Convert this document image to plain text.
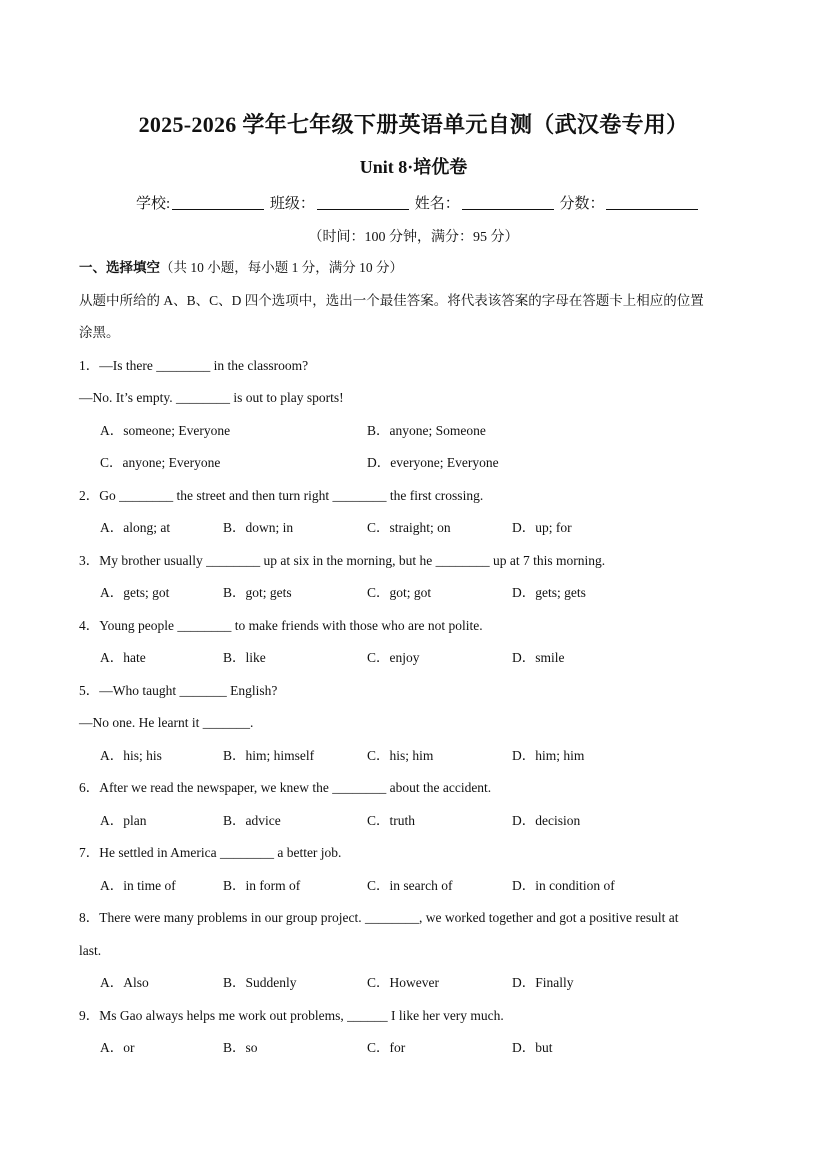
2025-2026 学年七年级下册英语单元自测（武汉卷专用）
Unit 8·培优卷
学校:	班级：	姓名：	分数：
（时间：100 分钟，满分：95 分）
一、选择填空（共 10 小题，每小题 1 分，满分 10 分）
从题中所给的 A、B、C、D 四个选项中，选出一个最佳答案。将代表该答案的字母在答题卡上相应的位置
涂黑。
1．—Is there ________ in the classroom?
—No. It’s empty. ________ is out to play sports!
A．someone; Everyone	B．anyone; Someone
C．anyone; Everyone	D．everyone; Everyone
2．Go ________ the street and then turn right ________ the first crossing.
A．along; at	B．down; in	C．straight; on	D．up; for
3．My brother usually ________ up at six in the morning, but he ________ up at 7 this morning.
A．gets; got	B．got; gets	C．got; got	D．gets; gets
4．Young people ________ to make friends with those who are not polite.
A．hate	B．like	C．enjoy	D．smile
5．—Who taught _______ English?
—No one. He learnt it _______.
A．his; his	B．him; himself	C．his; him	D．him; him
6．After we read the newspaper, we knew the ________ about the accident.
A．plan	B．advice	C．truth	D．decision
7．He settled in America ________ a better job.
A．in time of	B．in form of	C．in search of	D．in condition of
8．There were many problems in our group project. ________, we worked together and got a positive result at
last.
A．Also	B．Suddenly	C．However	D．Finally
9．Ms Gao always helps me work out problems, ______ I like her very much.
A．or	B．so	C．for	D．but
